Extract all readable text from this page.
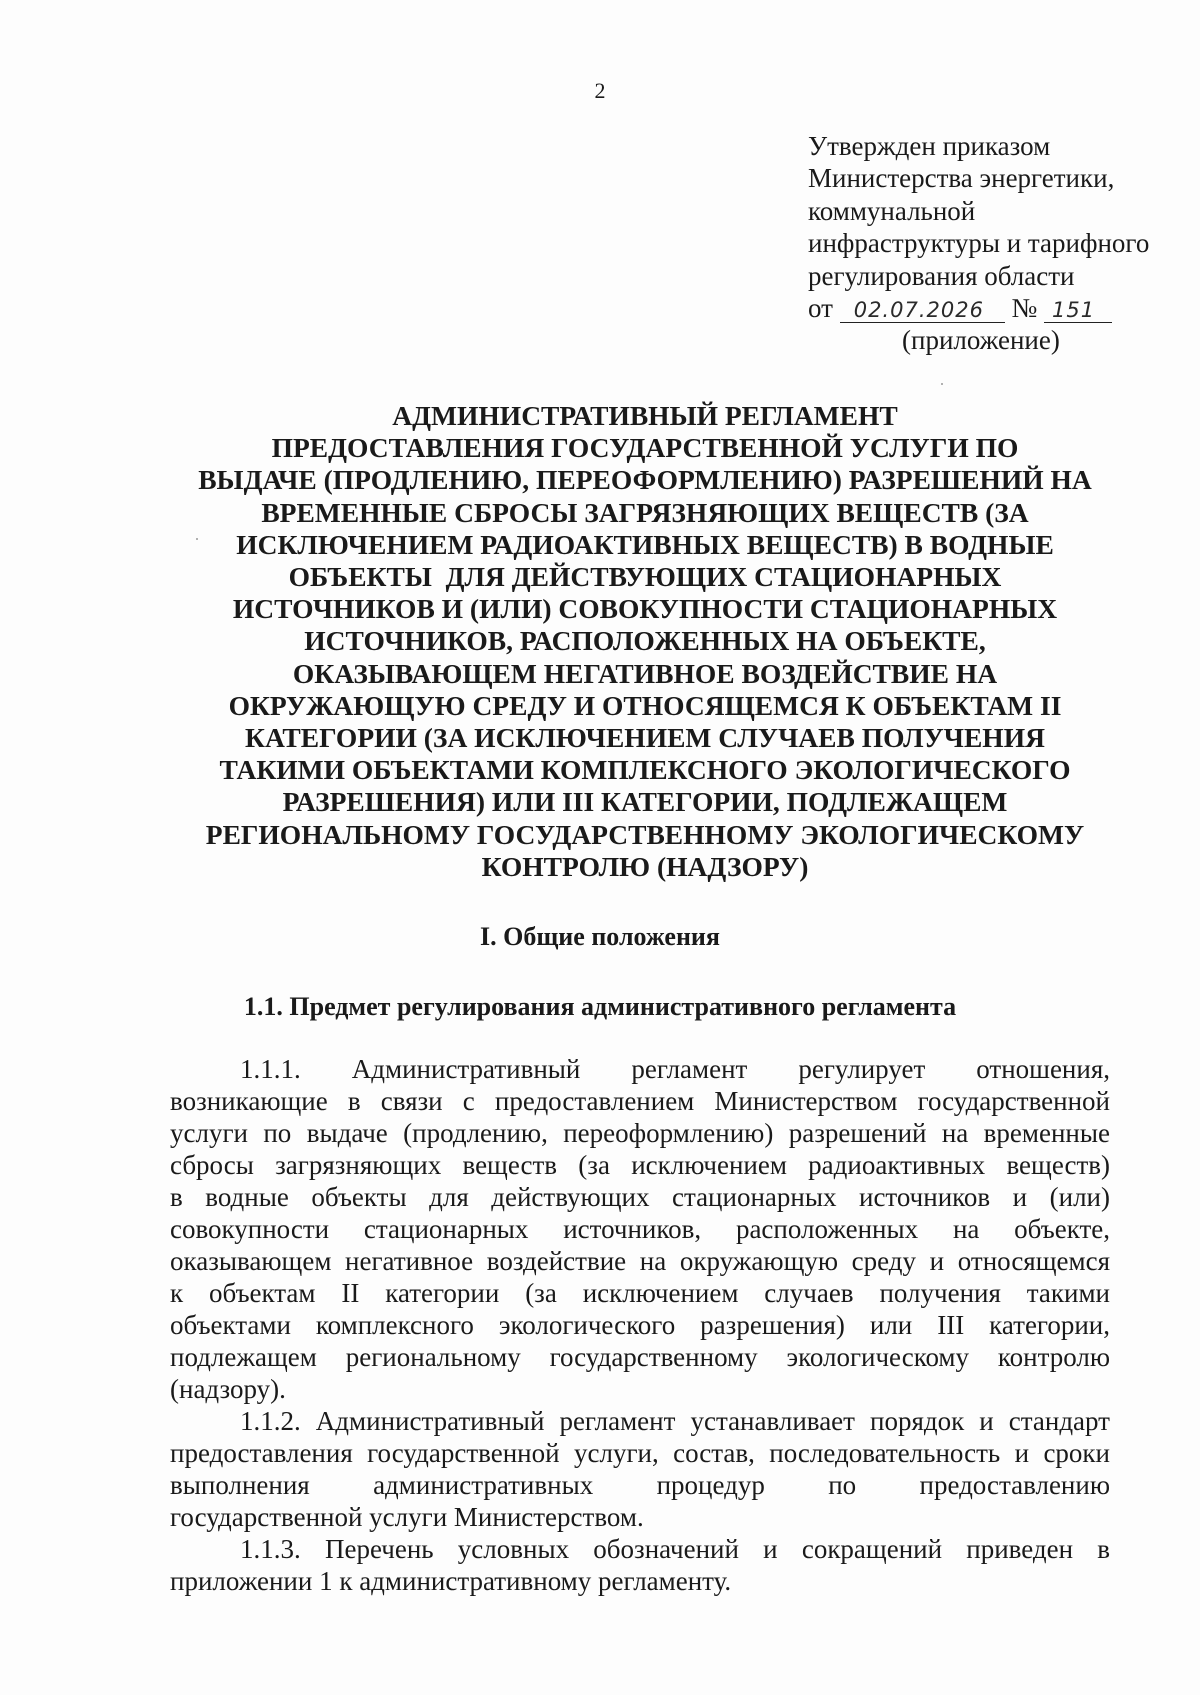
2
Утвержден приказом
Министерства энергетики,
коммунальной
инфраструктуры и тарифного
регулирования области
от 02.07.2026 № 151
(приложение)
АДМИНИСТРАТИВНЫЙ РЕГЛАМЕНТ
ПРЕДОСТАВЛЕНИЯ ГОСУДАРСТВЕННОЙ УСЛУГИ ПО
ВЫДАЧЕ (ПРОДЛЕНИЮ, ПЕРЕОФОРМЛЕНИЮ) РАЗРЕШЕНИЙ НА
ВРЕМЕННЫЕ СБРОСЫ ЗАГРЯЗНЯЮЩИХ ВЕЩЕСТВ (ЗА
ИСКЛЮЧЕНИЕМ РАДИОАКТИВНЫХ ВЕЩЕСТВ) В ВОДНЫЕ
ОБЪЕКТЫ  ДЛЯ ДЕЙСТВУЮЩИХ СТАЦИОНАРНЫХ
ИСТОЧНИКОВ И (ИЛИ) СОВОКУПНОСТИ СТАЦИОНАРНЫХ
ИСТОЧНИКОВ, РАСПОЛОЖЕННЫХ НА ОБЪЕКТЕ,
ОКАЗЫВАЮЩЕМ НЕГАТИВНОЕ ВОЗДЕЙСТВИЕ НА
ОКРУЖАЮЩУЮ СРЕДУ И ОТНОСЯЩЕМСЯ К ОБЪЕКТАМ II
КАТЕГОРИИ (ЗА ИСКЛЮЧЕНИЕМ СЛУЧАЕВ ПОЛУЧЕНИЯ
ТАКИМИ ОБЪЕКТАМИ КОМПЛЕКСНОГО ЭКОЛОГИЧЕСКОГО
РАЗРЕШЕНИЯ) ИЛИ III КАТЕГОРИИ, ПОДЛЕЖАЩЕМ
РЕГИОНАЛЬНОМУ ГОСУДАРСТВЕННОМУ ЭКОЛОГИЧЕСКОМУ
КОНТРОЛЮ (НАДЗОРУ)
I. Общие положения
1.1. Предмет регулирования административного регламента
1.1.1. Административный регламент регулирует отношения,
возникающие в связи с предоставлением Министерством государственной
услуги по выдаче (продлению, переоформлению) разрешений на временные
сбросы загрязняющих веществ (за исключением радиоактивных веществ)
в водные объекты для действующих стационарных источников и (или)
совокупности стационарных источников, расположенных на объекте,
оказывающем негативное воздействие на окружающую среду и относящемся
к объектам II категории (за исключением случаев получения такими
объектами комплексного экологического разрешения) или III категории,
подлежащем региональному государственному экологическому контролю
(надзору).
1.1.2. Административный регламент устанавливает порядок и стандарт
предоставления государственной услуги, состав, последовательность и сроки
выполнения административных процедур по предоставлению
государственной услуги Министерством.
1.1.3. Перечень условных обозначений и сокращений приведен в
приложении 1 к административному регламенту.
